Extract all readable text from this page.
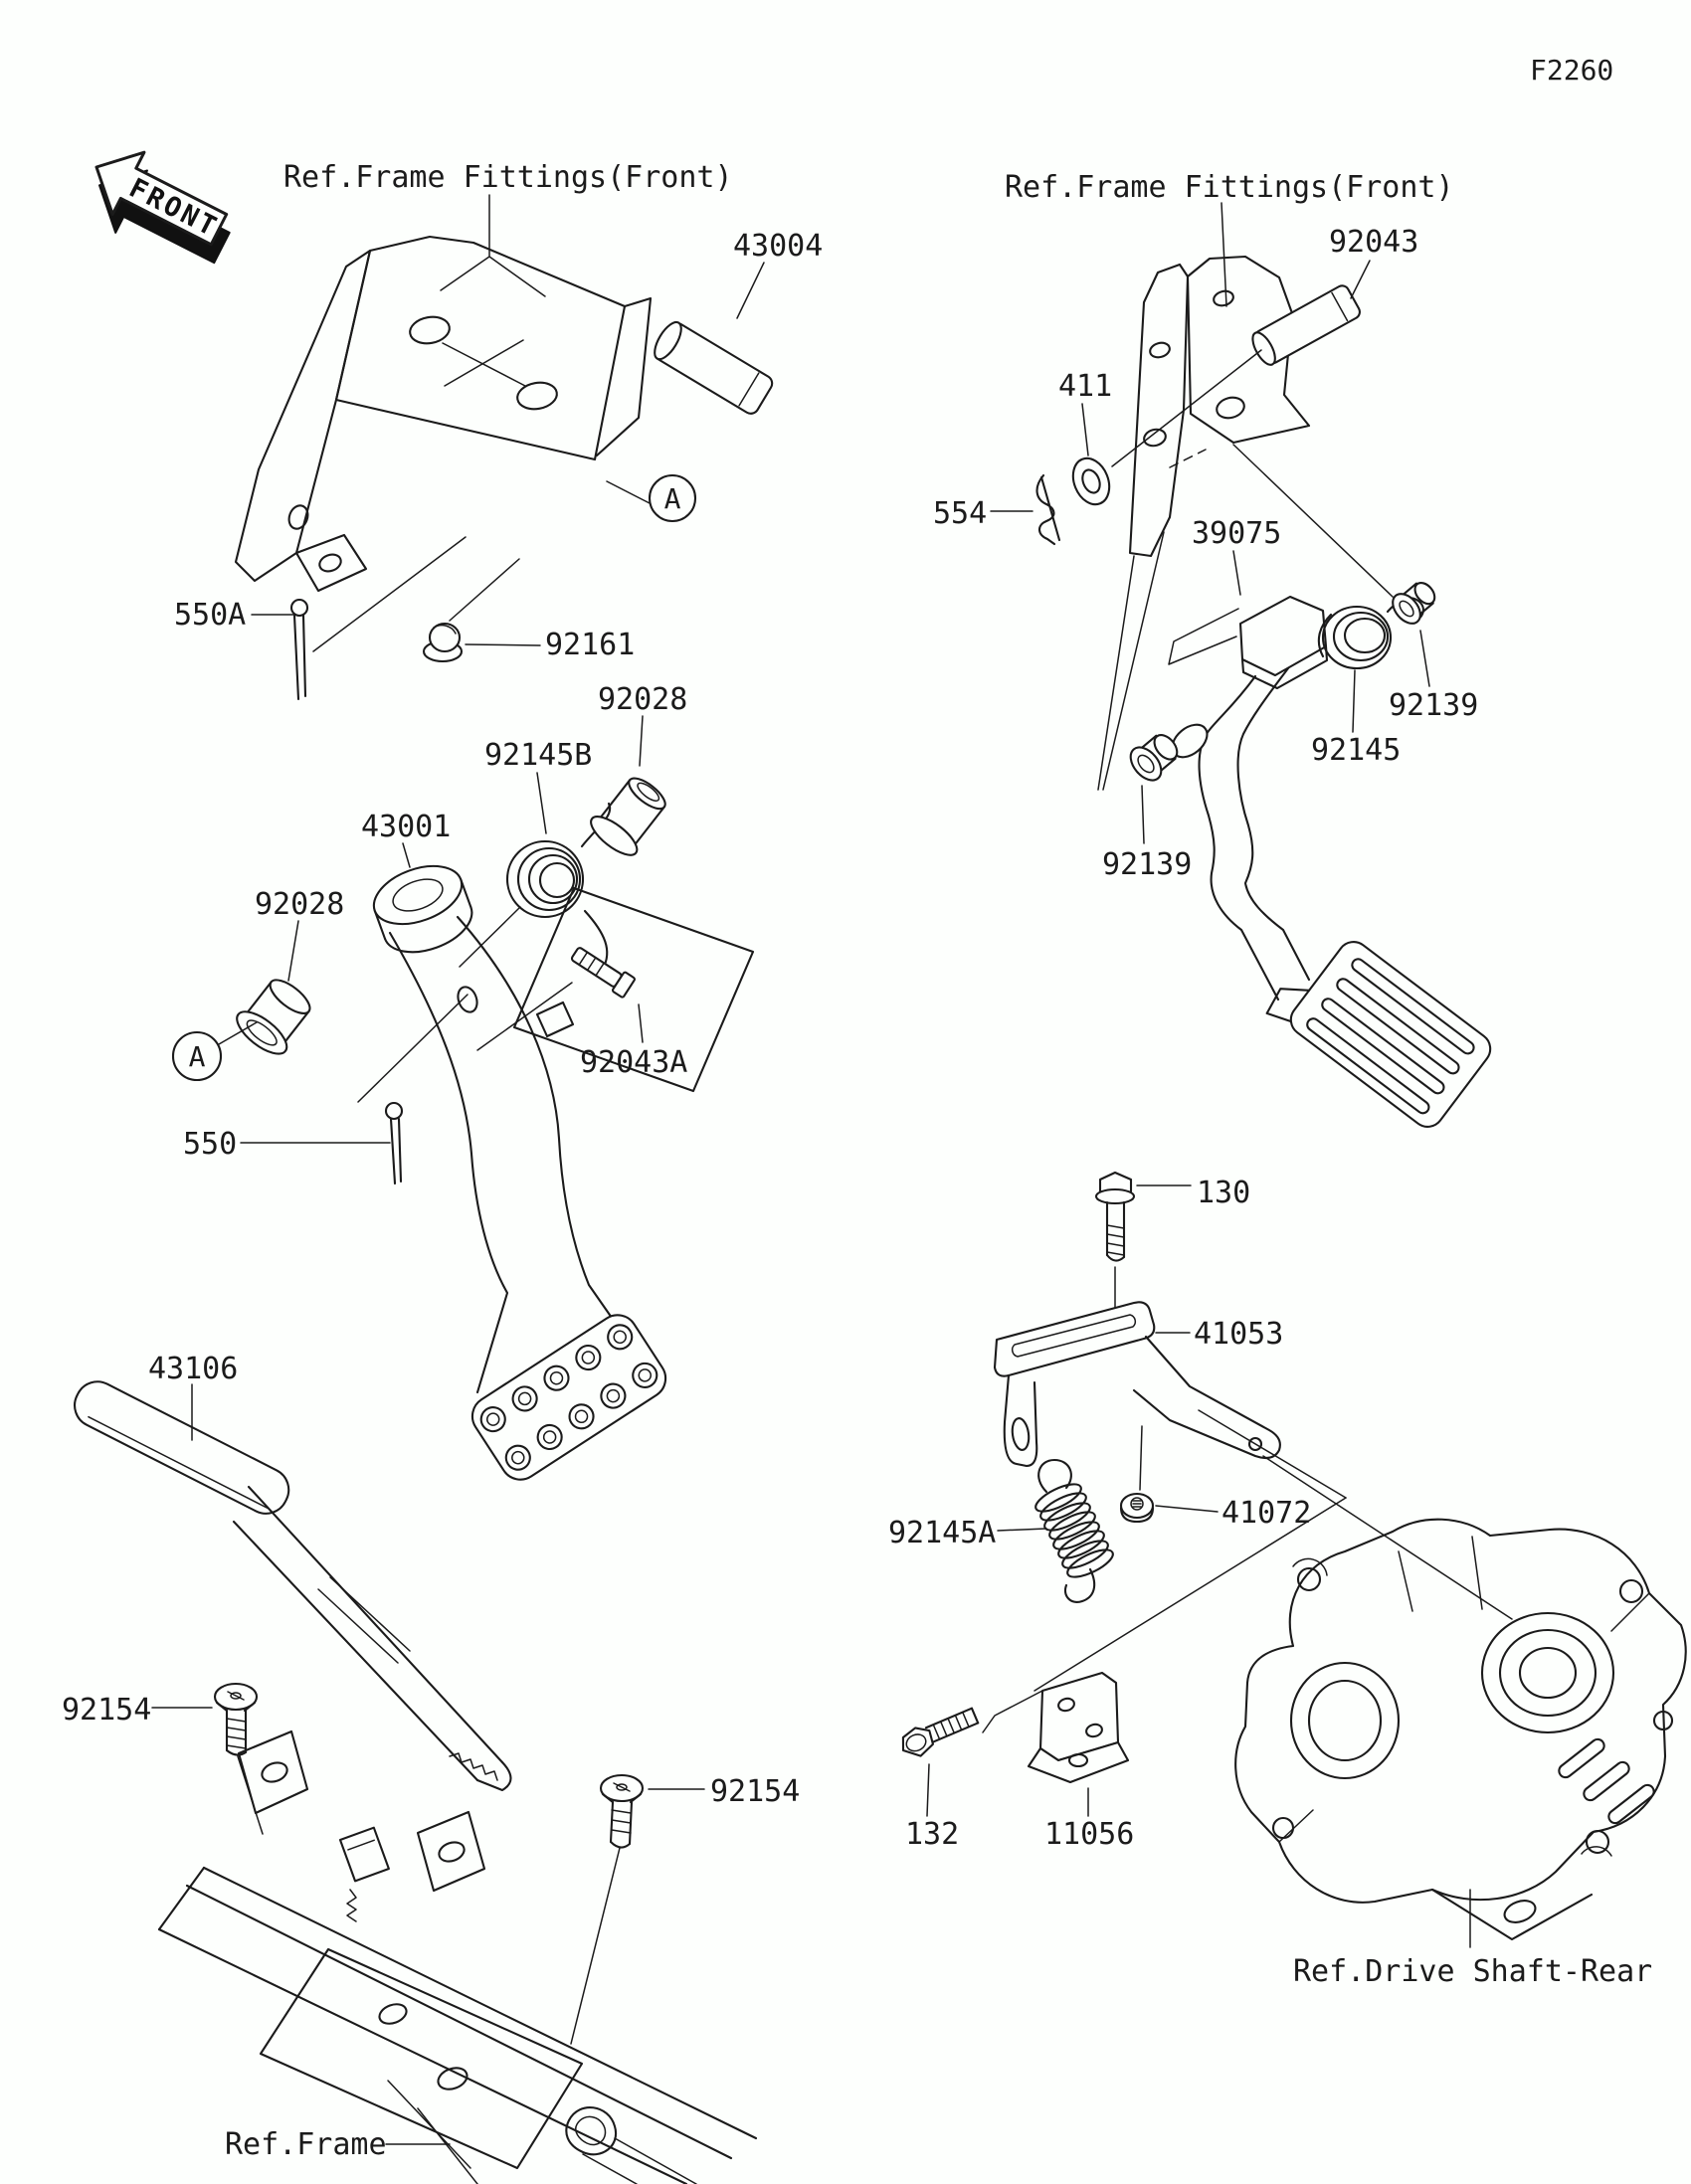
F2260
FRONT Ref.Frame Fittings(Front)
43004
550A
92161
A
92145B
92028
92028
A
43001
92043A
550
43106
92154
92154
Ref.Frame
Ref.Frame Fittings(Front)
92043
411
554
39075
92145
92139
92139
130
41053
41072
92145A
132	11056
Ref.Drive Shaft-Rear
